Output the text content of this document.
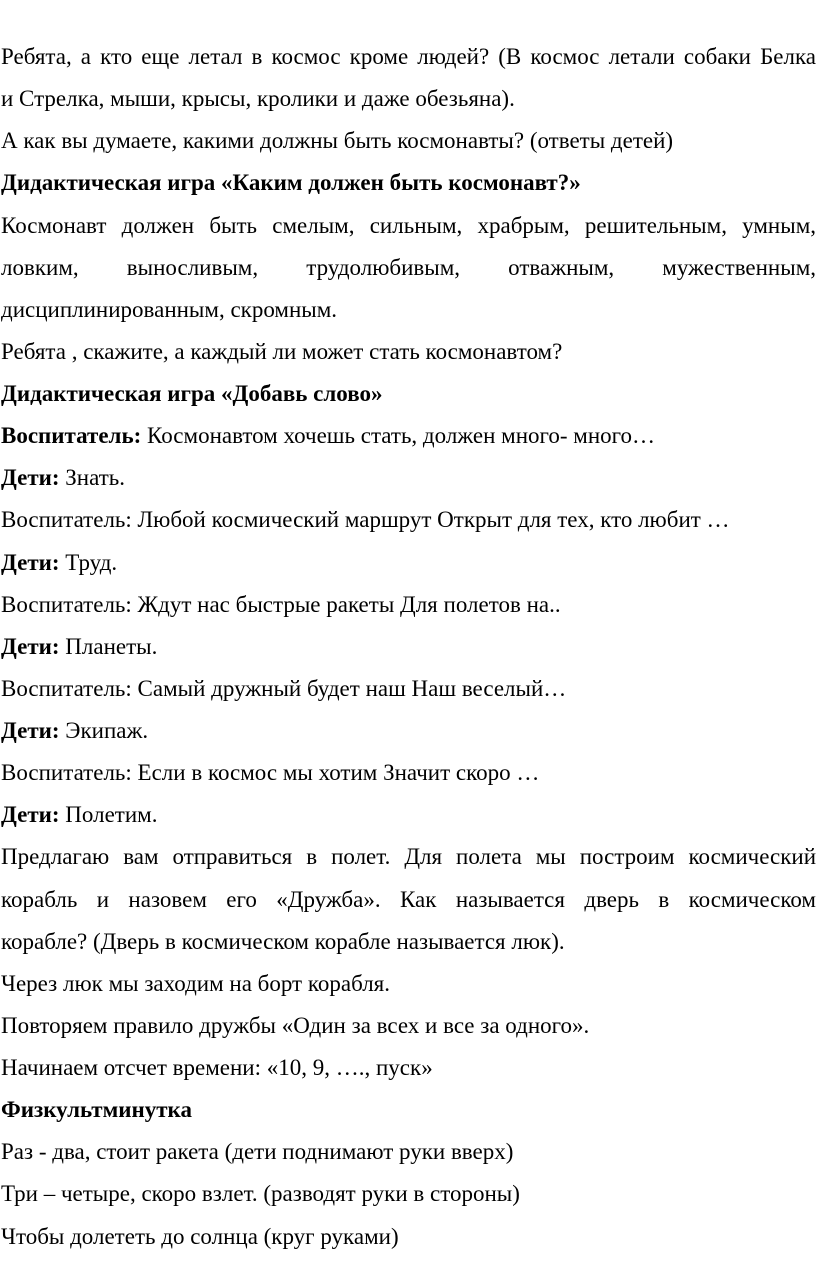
Ребята, а кто еще летал в космос кроме людей? (В космос летали собаки Белка
и Стрелка, мыши, крысы, кролики и даже обезьяна).
А как вы думаете, какими должны быть космонавты? (ответы детей)
Дидактическая игра «Каким должен быть космонавт?»
Космонавт должен быть смелым, сильным, храбрым, решительным, умным,
ловким, выносливым, трудолюбивым, отважным, мужественным,
дисциплинированным, скромным.
Ребята , скажите, а каждый ли может стать космонавтом?
Дидактическая игра «Добавь слово»
Воспитатель: Космонавтом хочешь стать, должен много- много…
Дети: Знать.
Воспитатель: Любой космический маршрут Открыт для тех, кто любит …
Дети: Труд.
Воспитатель: Ждут нас быстрые ракеты Для полетов на..
Дети: Планеты.
Воспитатель: Самый дружный будет наш Наш веселый…
Дети: Экипаж.
Воспитатель: Если в космос мы хотим Значит скоро …
Дети: Полетим.
Предлагаю вам отправиться в полет. Для полета мы построим космический
корабль и назовем его «Дружба». Как называется дверь в космическом
корабле? (Дверь в космическом корабле называется люк).
Через люк мы заходим на борт корабля.
Повторяем правило дружбы «Один за всех и все за одного».
Начинаем отсчет времени: «10, 9, …., пуск»
Физкультминутка
Раз - два, стоит ракета (дети поднимают руки вверх)
Три – четыре, скоро взлет. (разводят руки в стороны)
Чтобы долететь до солнца (круг руками)
